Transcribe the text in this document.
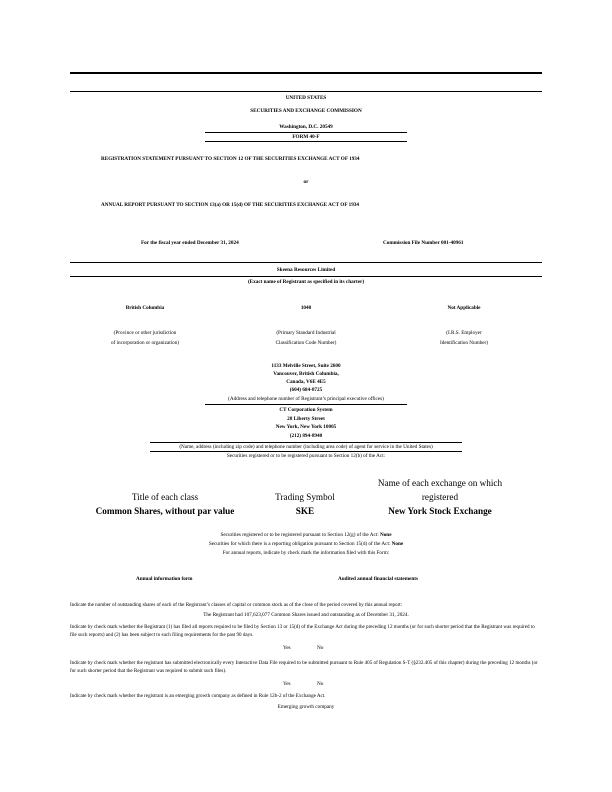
UNITED STATES
SECURITIES AND EXCHANGE COMMISSION
Washington, D.C. 20549
FORM 40-F
REGISTRATION STATEMENT PURSUANT TO SECTION 12 OF THE SECURITIES EXCHANGE ACT OF 1934
or
ANNUAL REPORT PURSUANT TO SECTION 13(a) OR 15(d) OF THE SECURITIES EXCHANGE ACT OF 1934
For the fiscal year ended December 31, 2024	Commission File Number 001-40961
Skeena Resources Limited
(Exact name of Registrant as specified in its charter)
British Columbia	1040	Not Applicable
(Province or other jurisdiction
of incorporation or organization)
(Primary Standard Industrial
Classification Code Number)
(I.R.S. Employer
Identification Number)
1133 Melville Street, Suite 2600
Vancouver, British Columbia,
Canada, V6E 4E5
(604) 684-8725
(Address and telephone number of Registrant’s principal executive offices)
CT Corporation System
28 Liberty Street
New York, New York 10005
(212) 894-8940
(Name, address (including zip code) and telephone number (including area code) of agent for service in the United States)
Securities registered or to be registered pursuant to Section 12(b) of the Act:
Name of each exchange on which
Title of each class	Trading Symbol	registered
Common Shares, without par value	SKE	New York Stock Exchange
Securities registered or to be registered pursuant to Section 12(g) of the Act: None
Securities for which there is a reporting obligation pursuant to Section 15(d) of the Act: None
For annual reports, indicate by check mark the information filed with this Form:
Annual information form	Audited annual financial statements
Indicate the number of outstanding shares of each of the Registrant’s classes of capital or common stock as of the close of the period covered by this annual report:
The Registrant had 107,623,077 Common Shares issued and outstanding as of December 31, 2024.
Indicate by check mark whether the Registrant (1) has filed all reports required to be filed by Section 13 or 15(d) of the Exchange Act during the preceding 12 months (or for such shorter period that the Registrant was required to file such reports) and (2) has been subject to such filing requirements for the past 90 days.
Yes	No
Indicate by check mark whether the registrant has submitted electronically every Interactive Data File required to be submitted pursuant to Rule 405 of Regulation S-T (§232.405 of this chapter) during the preceding 12 months (or for such shorter period that the Registrant was required to submit such files).
Yes	No
Indicate by check mark whether the registrant is an emerging growth company as defined in Rule 12b-2 of the Exchange Act.
Emerging growth company
